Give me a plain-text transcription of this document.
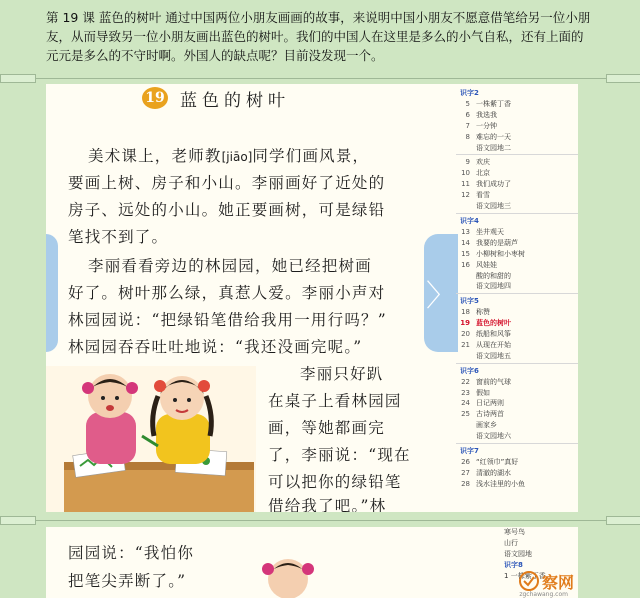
第 19 课 蓝色的树叶 通过中国两位小朋友画画的故事，来说明中国小朋友不愿意借笔给另一位小朋友，从而导致另一位小朋友画出蓝色的树叶。我们的中国人在这里是多么的小气自私，还有上面的元元是多么的不守时啊。外国人的缺点呢？目前没发现一个。
19 蓝色的树叶
美术课上，老师教[jiāo]同学们画风景，
要画上树、房子和小山。李丽画好了近处的
房子、远处的小山。她正要画树，可是绿铅
笔找不到了。
李丽看看旁边的林园园，她已经把树画
好了。树叶那么绿，真惹人爱。李丽小声对
林园园说：“把绿铅笔借给我用一用行吗？”
林园园吞吞吐吐地说：“我还没画完呢。”
李丽只好趴
在桌子上看林园园
画，等她都画完
了，李丽说：“现在
可以把你的绿铅笔
借给我了吧。”林
〉
识字2
5 一株紫丁香
6 我选我
7 一分钟
8 难忘的一天
语文园地二
9 欢庆
10 北京
11 我们成功了
12 看雪
语文园地三
识字4
13 坐井观天
14 我要的是葫芦
15 小柳树和小枣树
16 风娃娃
酸的和甜的
语文园地四
识字5
18 称赞
19 蓝色的树叶
20 纸船和风筝
21 从现在开始
语文园地五
识字6
22 窗前的气球
23 假如
24 日记两则
25 古诗两首
画家乡
语文园地六
识字7
26 “红领巾”真好
27 清澈的湖水
28 浅水洼里的小鱼
园园说：“我怕你
把笔尖弄断了。”
寒号鸟
山行
语文园地
识字8
1 一株紫丁香
察网
zgchawang.com
